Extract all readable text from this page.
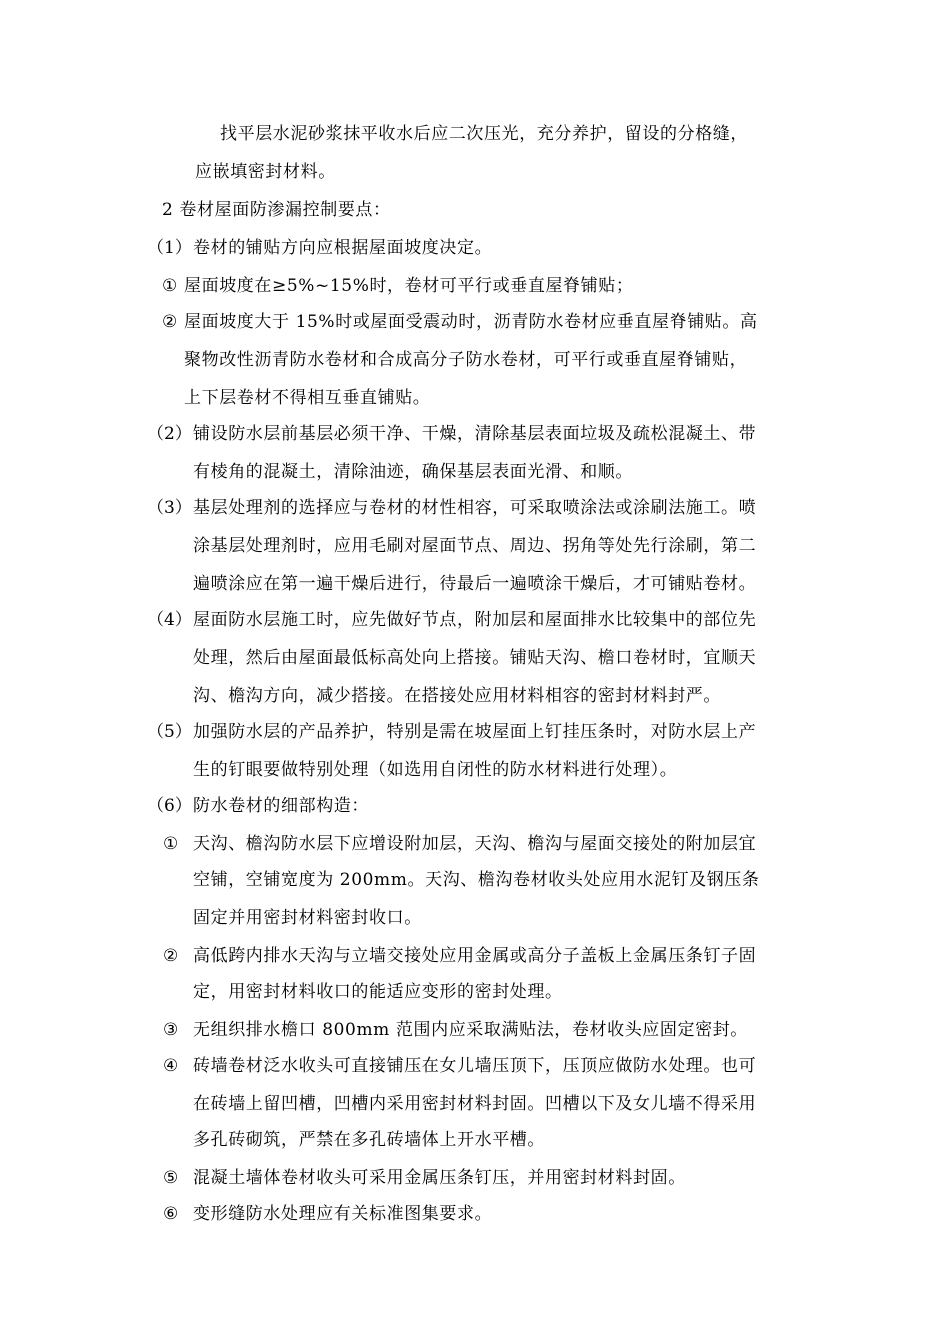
找平层水泥砂浆抹平收水后应二次压光，充分养护，留设的分格缝，
应嵌填密封材料。
2 卷材屋面防渗漏控制要点：
（1） 卷材的铺贴方向应根据屋面坡度决定。
① 屋面坡度在≥5%~15%时，卷材可平行或垂直屋脊铺贴；
② 屋面坡度大于 15%时或屋面受震动时，沥青防水卷材应垂直屋脊铺贴。高
聚物改性沥青防水卷材和合成高分子防水卷材，可平行或垂直屋脊铺贴，
上下层卷材不得相互垂直铺贴。
（2） 铺设防水层前基层必须干净、干燥，清除基层表面垃圾及疏松混凝土、带
有棱角的混凝土，清除油迹，确保基层表面光滑、和顺。
（3） 基层处理剂的选择应与卷材的材性相容，可采取喷涂法或涂刷法施工。喷
涂基层处理剂时，应用毛刷对屋面节点、周边、拐角等处先行涂刷，第二
遍喷涂应在第一遍干燥后进行，待最后一遍喷涂干燥后，才可铺贴卷材。
（4） 屋面防水层施工时，应先做好节点，附加层和屋面排水比较集中的部位先
处理，然后由屋面最低标高处向上搭接。铺贴天沟、檐口卷材时，宜顺天
沟、檐沟方向，减少搭接。在搭接处应用材料相容的密封材料封严。
（5） 加强防水层的产品养护，特别是需在坡屋面上钉挂压条时，对防水层上产
生的钉眼要做特别处理（如选用自闭性的防水材料进行处理）。
（6） 防水卷材的细部构造：
① 天沟、檐沟防水层下应增设附加层，天沟、檐沟与屋面交接处的附加层宜
空铺，空铺宽度为 200mm。天沟、檐沟卷材收头处应用水泥钉及钢压条
固定并用密封材料密封收口。
② 高低跨内排水天沟与立墙交接处应用金属或高分子盖板上金属压条钉子固
定，用密封材料收口的能适应变形的密封处理。
③ 无组织排水檐口 800mm 范围内应采取满贴法，卷材收头应固定密封。
④ 砖墙卷材泛水收头可直接铺压在女儿墙压顶下，压顶应做防水处理。也可
在砖墙上留凹槽，凹槽内采用密封材料封固。凹槽以下及女儿墙不得采用
多孔砖砌筑，严禁在多孔砖墙体上开水平槽。
⑤ 混凝土墙体卷材收头可采用金属压条钉压，并用密封材料封固。
⑥ 变形缝防水处理应有关标准图集要求。
